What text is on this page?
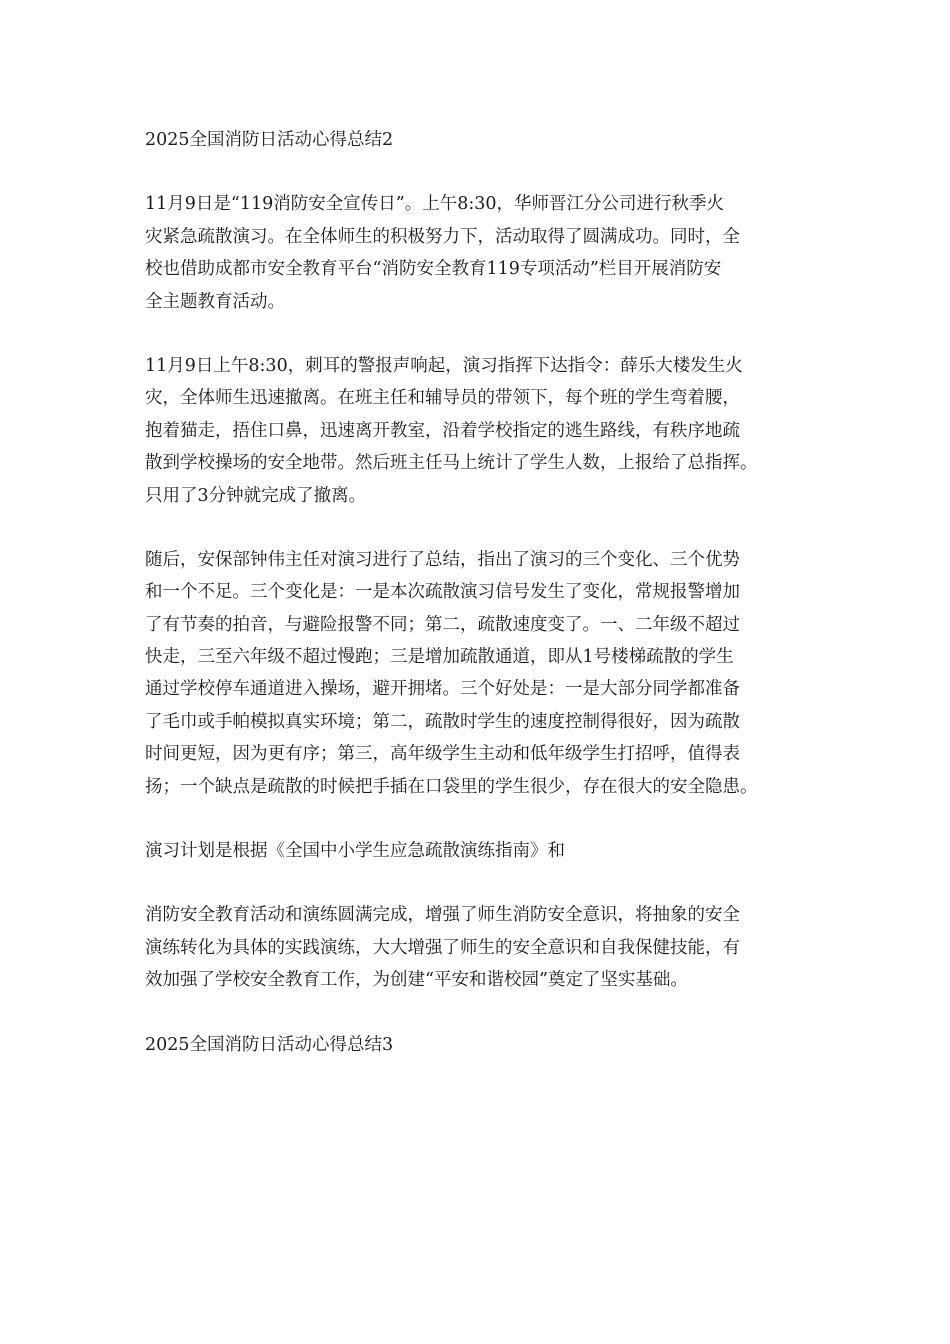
2025全国消防日活动心得总结2
11月9日是“119消防安全宣传日”。上午8:30，华师晋江分公司进行秋季火
灾紧急疏散演习。在全体师生的积极努力下，活动取得了圆满成功。同时，全
校也借助成都市安全教育平台“消防安全教育119专项活动”栏目开展消防安
全主题教育活动。
11月9日上午8:30，刺耳的警报声响起，演习指挥下达指令：薛乐大楼发生火
灾，全体师生迅速撤离。在班主任和辅导员的带领下，每个班的学生弯着腰，
抱着猫走，捂住口鼻，迅速离开教室，沿着学校指定的逃生路线，有秩序地疏
散到学校操场的安全地带。然后班主任马上统计了学生人数，上报给了总指挥。
只用了3分钟就完成了撤离。
随后，安保部钟伟主任对演习进行了总结，指出了演习的三个变化、三个优势
和一个不足。三个变化是：一是本次疏散演习信号发生了变化，常规报警增加
了有节奏的拍音，与避险报警不同；第二，疏散速度变了。一、二年级不超过
快走，三至六年级不超过慢跑；三是增加疏散通道，即从1号楼梯疏散的学生
通过学校停车通道进入操场，避开拥堵。三个好处是：一是大部分同学都准备
了毛巾或手帕模拟真实环境；第二，疏散时学生的速度控制得很好，因为疏散
时间更短，因为更有序；第三，高年级学生主动和低年级学生打招呼，值得表
扬；一个缺点是疏散的时候把手插在口袋里的学生很少，存在很大的安全隐患。
演习计划是根据《全国中小学生应急疏散演练指南》和
消防安全教育活动和演练圆满完成，增强了师生消防安全意识，将抽象的安全
演练转化为具体的实践演练，大大增强了师生的安全意识和自我保健技能，有
效加强了学校安全教育工作，为创建“平安和谐校园”奠定了坚实基础。
2025全国消防日活动心得总结3
